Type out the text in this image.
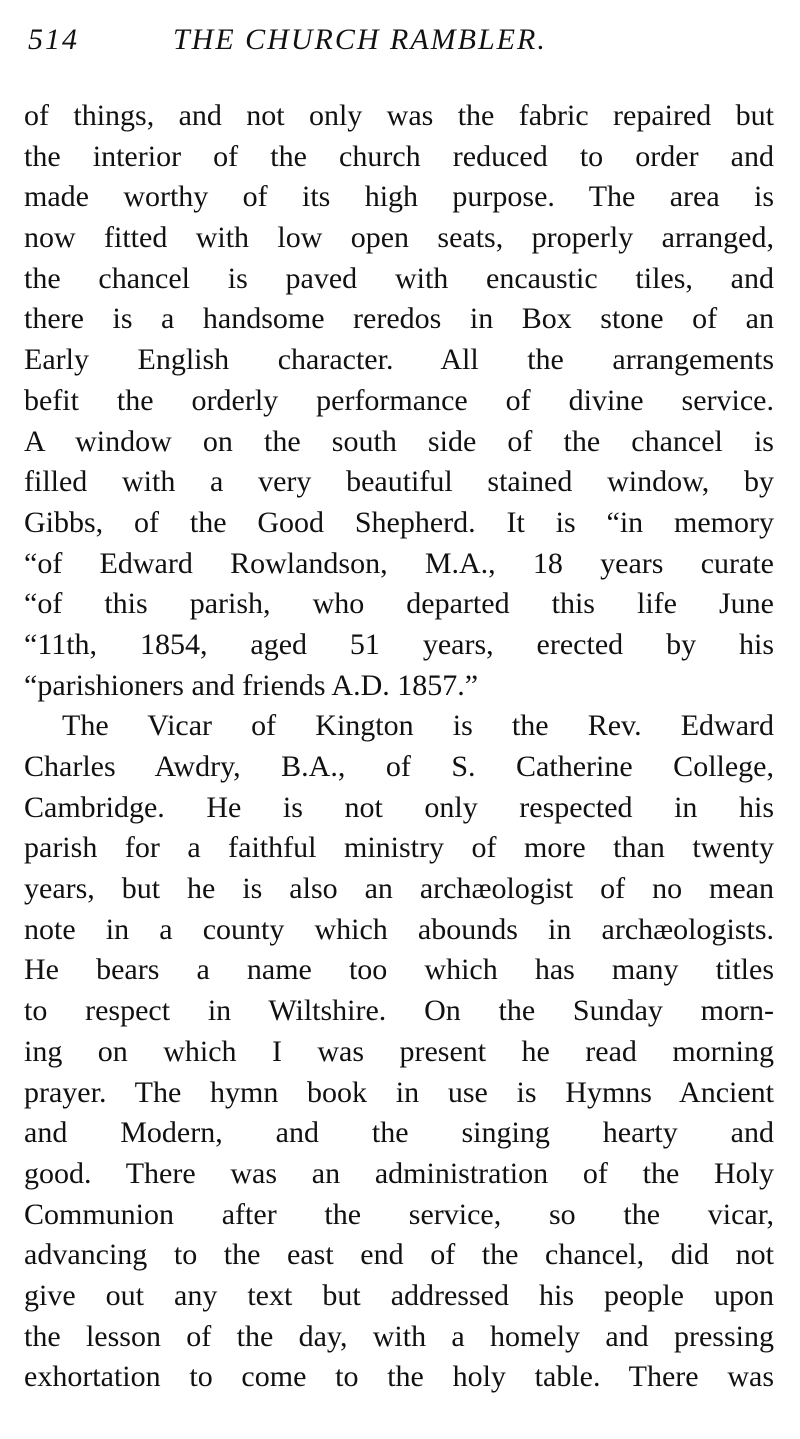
514	THE CHURCH RAMBLER.
of things, and not only was the fabric repaired but
the interior of the church reduced to order and
made worthy of its high purpose. The area is
now fitted with low open seats, properly arranged,
the chancel is paved with encaustic tiles, and
there is a handsome reredos in Box stone of an
Early English character. All the arrangements
befit the orderly performance of divine service.
A window on the south side of the chancel is
filled with a very beautiful stained window, by
Gibbs, of the Good Shepherd. It is “in memory
“of Edward Rowlandson, M.A., 18 years curate
“of this parish, who departed this life June
“11th, 1854, aged 51 years, erected by his
“parishioners and friends A.D. 1857.”
The Vicar of Kington is the Rev. Edward
Charles Awdry, B.A., of S. Catherine College,
Cambridge. He is not only respected in his
parish for a faithful ministry of more than twenty
years, but he is also an archæologist of no mean
note in a county which abounds in archæologists.
He bears a name too which has many titles
to respect in Wiltshire. On the Sunday morn-
ing on which I was present he read morning
prayer. The hymn book in use is Hymns Ancient
and Modern, and the singing hearty and
good. There was an administration of the Holy
Communion after the service, so the vicar,
advancing to the east end of the chancel, did not
give out any text but addressed his people upon
the lesson of the day, with a homely and pressing
exhortation to come to the holy table. There was
